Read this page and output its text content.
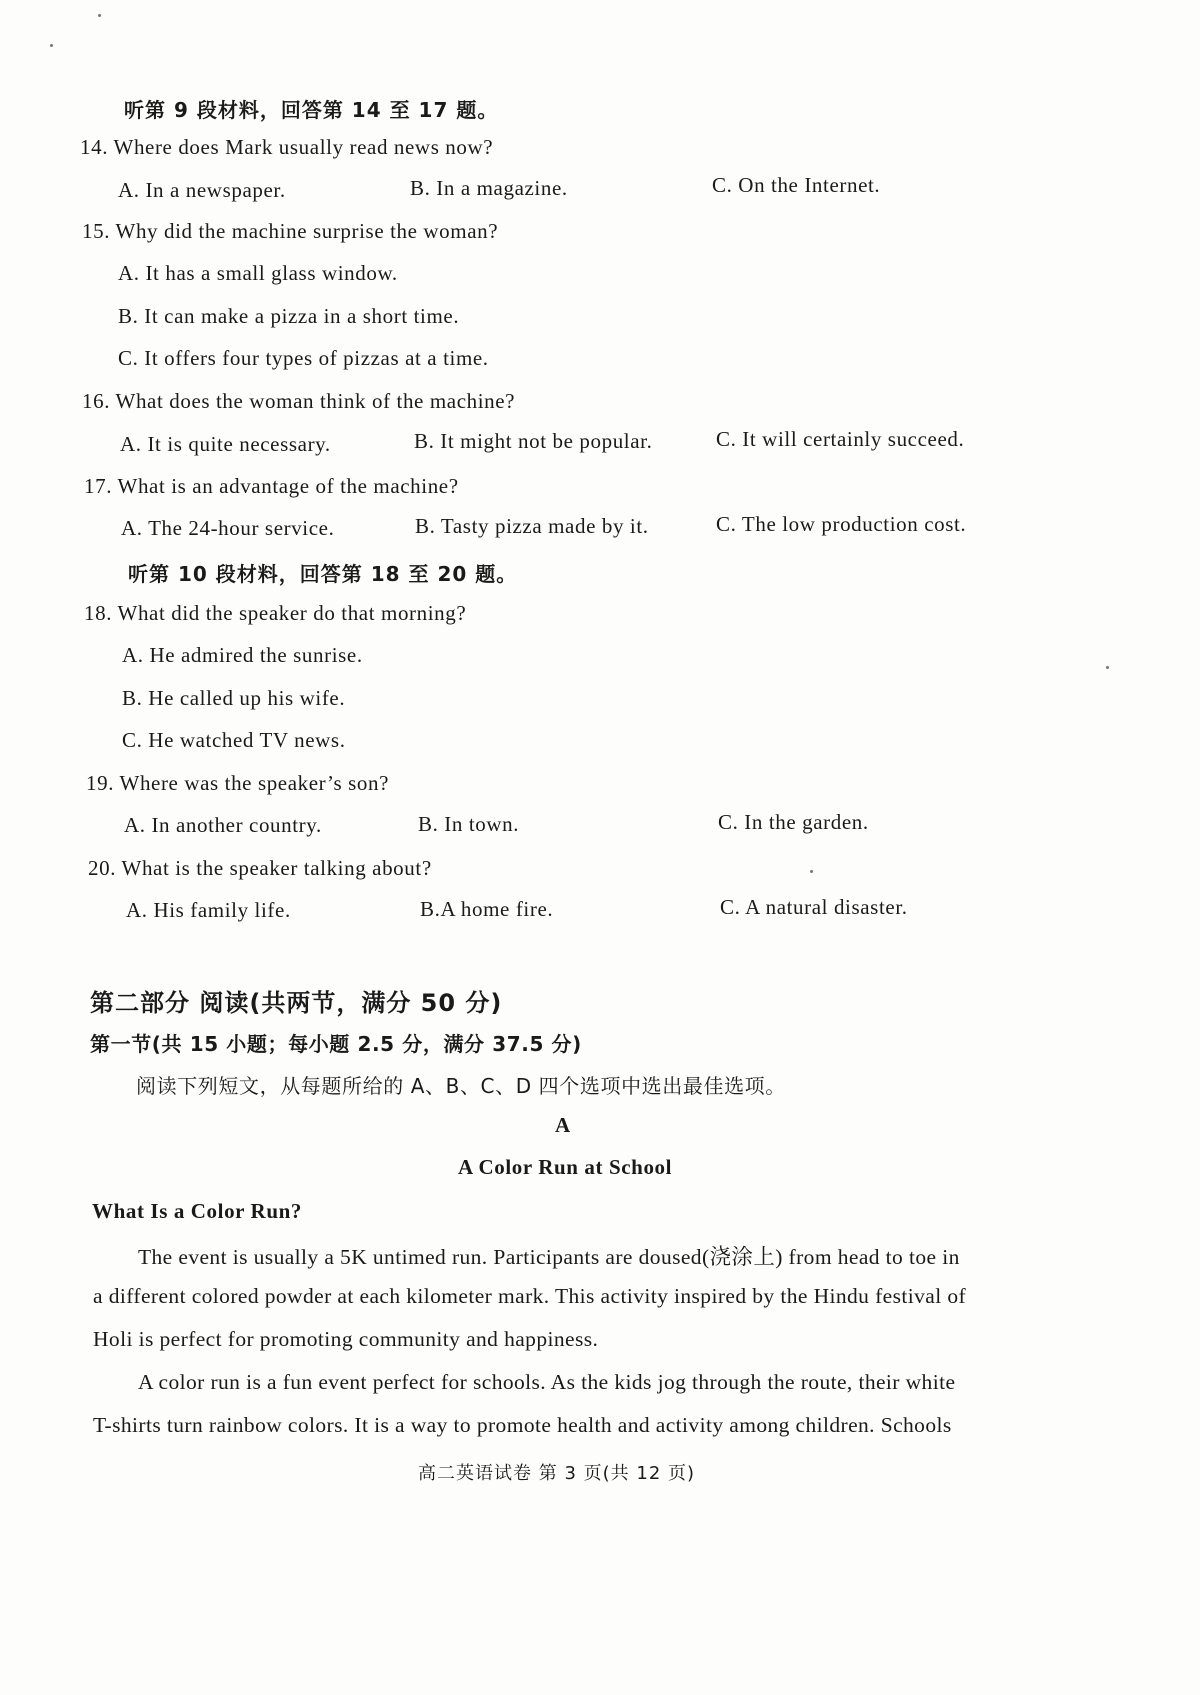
听第 9 段材料，回答第 14 至 17 题。
14. Where does Mark usually read news now?
A. In a newspaper.	B. In a magazine.	C. On the Internet.
15. Why did the machine surprise the woman?
A. It has a small glass window.
B. It can make a pizza in a short time.
C. It offers four types of pizzas at a time.
16. What does the woman think of the machine?
A. It is quite necessary.	B. It might not be popular.	C. It will certainly succeed.
17. What is an advantage of the machine?
A. The 24-hour service.	B. Tasty pizza made by it.	C. The low production cost.
听第 10 段材料，回答第 18 至 20 题。
18. What did the speaker do that morning?
A. He admired the sunrise.
B. He called up his wife.
C. He watched TV news.
19. Where was the speaker’s son?
A. In another country.	B. In town.	C. In the garden.
20. What is the speaker talking about?
A. His family life.	B.A home fire.	C. A natural disaster.
第二部分 阅读(共两节，满分 50 分)
第一节(共 15 小题；每小题 2.5 分，满分 37.5 分)
阅读下列短文，从每题所给的 A、B、C、D 四个选项中选出最佳选项。
A
A Color Run at School
What Is a Color Run?
The event is usually a 5K untimed run. Participants are doused(浇涂上) from head to toe in
a different colored powder at each kilometer mark. This activity inspired by the Hindu festival of
Holi is perfect for promoting community and happiness.
A color run is a fun event perfect for schools. As the kids jog through the route, their white
T-shirts turn rainbow colors. It is a way to promote health and activity among children. Schools
高二英语试卷 第 3 页(共 12 页)
